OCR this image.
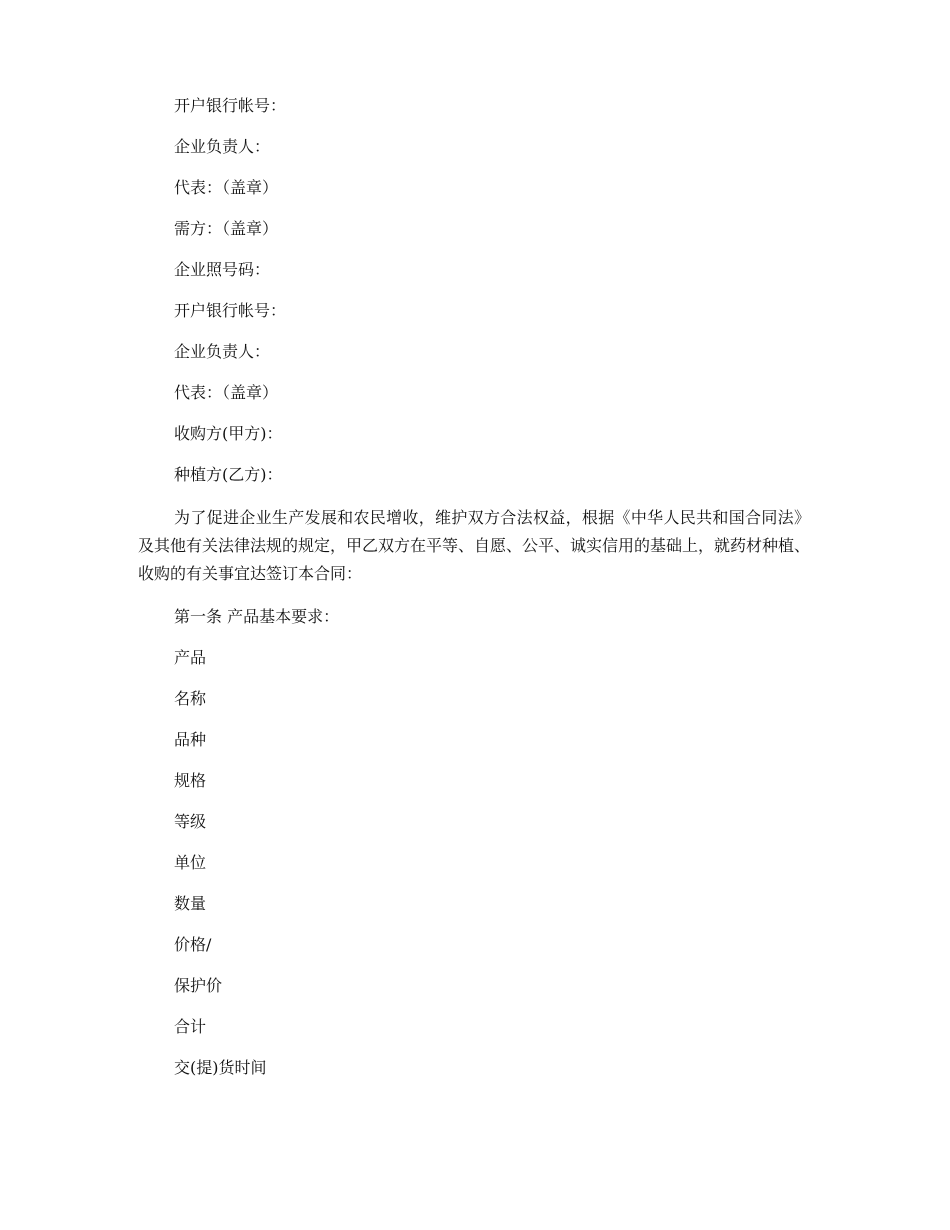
开户银行帐号：

企业负责人：

代表：（盖章）

需方：（盖章）

企业照号码：

开户银行帐号：

企业负责人：

代表：（盖章）

收购方(甲方)：

种植方(乙方)：

为了促进企业生产发展和农民增收，维护双方合法权益，根据《中华人民共和国合同法》及其他有关法律法规的规定，甲乙双方在平等、自愿、公平、诚实信用的基础上，就药材种植、收购的有关事宜达签订本合同：

第一条 产品基本要求：

产品

名称

品种

规格

等级

单位

数量

价格/

保护价

合计

交(提)货时间
